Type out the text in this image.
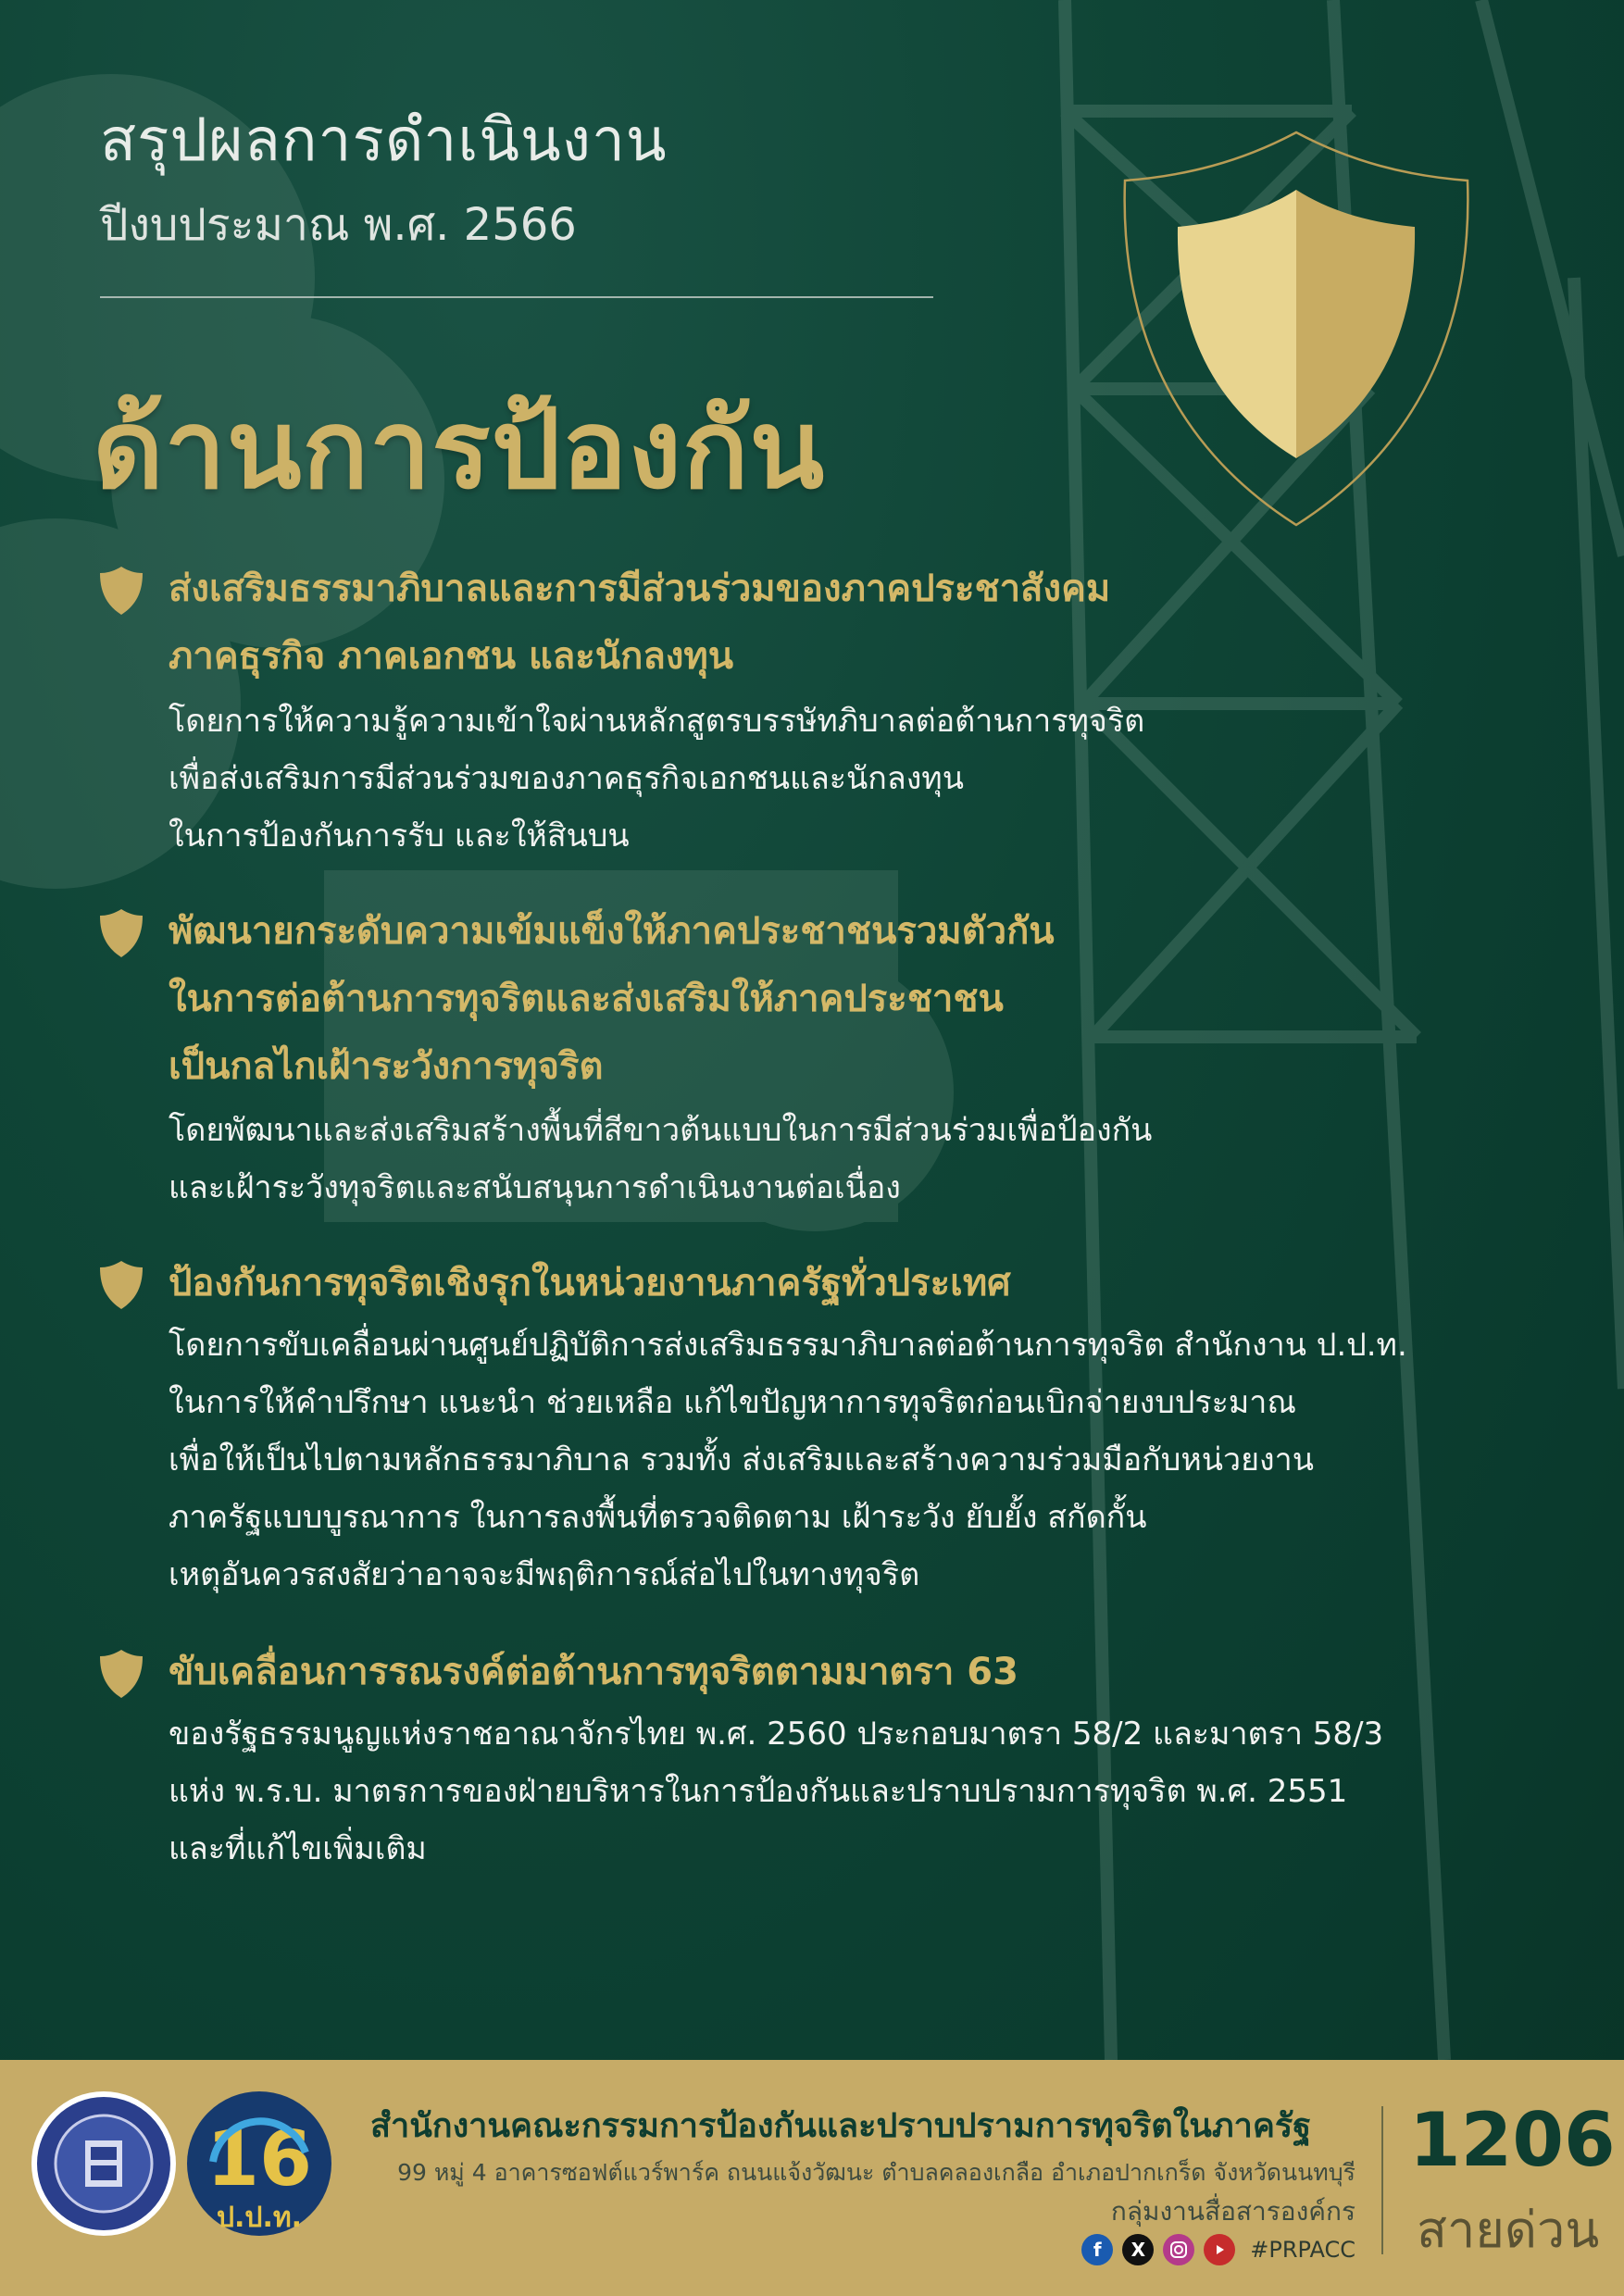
สรุปผลการดำเนินงาน
ปีงบประมาณ พ.ศ. 2566
ด้านการป้องกัน

ส่งเสริมธรรมาภิบาลและการมีส่วนร่วมของภาคประชาสังคม
ภาคธุรกิจ ภาคเอกชน และนักลงทุน

โดยการให้ความรู้ความเข้าใจผ่านหลักสูตรบรรษัทภิบาลต่อต้านการทุจริต
เพื่อส่งเสริมการมีส่วนร่วมของภาคธุรกิจเอกชนและนักลงทุน
ในการป้องกันการรับ และให้สินบน

พัฒนายกระดับความเข้มแข็งให้ภาคประชาชนรวมตัวกัน
ในการต่อต้านการทุจริตและส่งเสริมให้ภาคประชาชน
เป็นกลไกเฝ้าระวังการทุจริต

โดยพัฒนาและส่งเสริมสร้างพื้นที่สีขาวต้นแบบในการมีส่วนร่วมเพื่อป้องกัน
และเฝ้าระวังทุจริตและสนับสนุนการดำเนินงานต่อเนื่อง

ป้องกันการทุจริตเชิงรุกในหน่วยงานภาครัฐทั่วประเทศ

โดยการขับเคลื่อนผ่านศูนย์ปฏิบัติการส่งเสริมธรรมาภิบาลต่อต้านการทุจริต สำนักงาน ป.ป.ท.
ในการให้คำปรึกษา แนะนำ ช่วยเหลือ แก้ไขปัญหาการทุจริตก่อนเบิกจ่ายงบประมาณ
เพื่อให้เป็นไปตามหลักธรรมาภิบาล รวมทั้ง ส่งเสริมและสร้างความร่วมมือกับหน่วยงาน
ภาครัฐแบบบูรณาการ ในการลงพื้นที่ตรวจติดตาม เฝ้าระวัง ยับยั้ง สกัดกั้น
เหตุอันควรสงสัยว่าอาจจะมีพฤติการณ์ส่อไปในทางทุจริต

ขับเคลื่อนการรณรงค์ต่อต้านการทุจริตตามมาตรา 63

ของรัฐธรรมนูญแห่งราชอาณาจักรไทย พ.ศ. 2560 ประกอบมาตรา 58/2 และมาตรา 58/3
แห่ง พ.ร.บ. มาตรการของฝ่ายบริหารในการป้องกันและปราบปรามการทุจริต พ.ศ. 2551
และที่แก้ไขเพิ่มเติม

16
ป.ป.ท.
สำนักงานคณะกรรมการป้องกันและปราบปรามการทุจริตในภาครัฐ
99 หมู่ 4 อาคารซอฟต์แวร์พาร์ค ถนนแจ้งวัฒนะ ตำบลคลองเกลือ อำเภอปากเกร็ด จังหวัดนนทบุรี
กลุ่มงานสื่อสารองค์กร
f	X	#PRPACC
1206
สายด่วน
